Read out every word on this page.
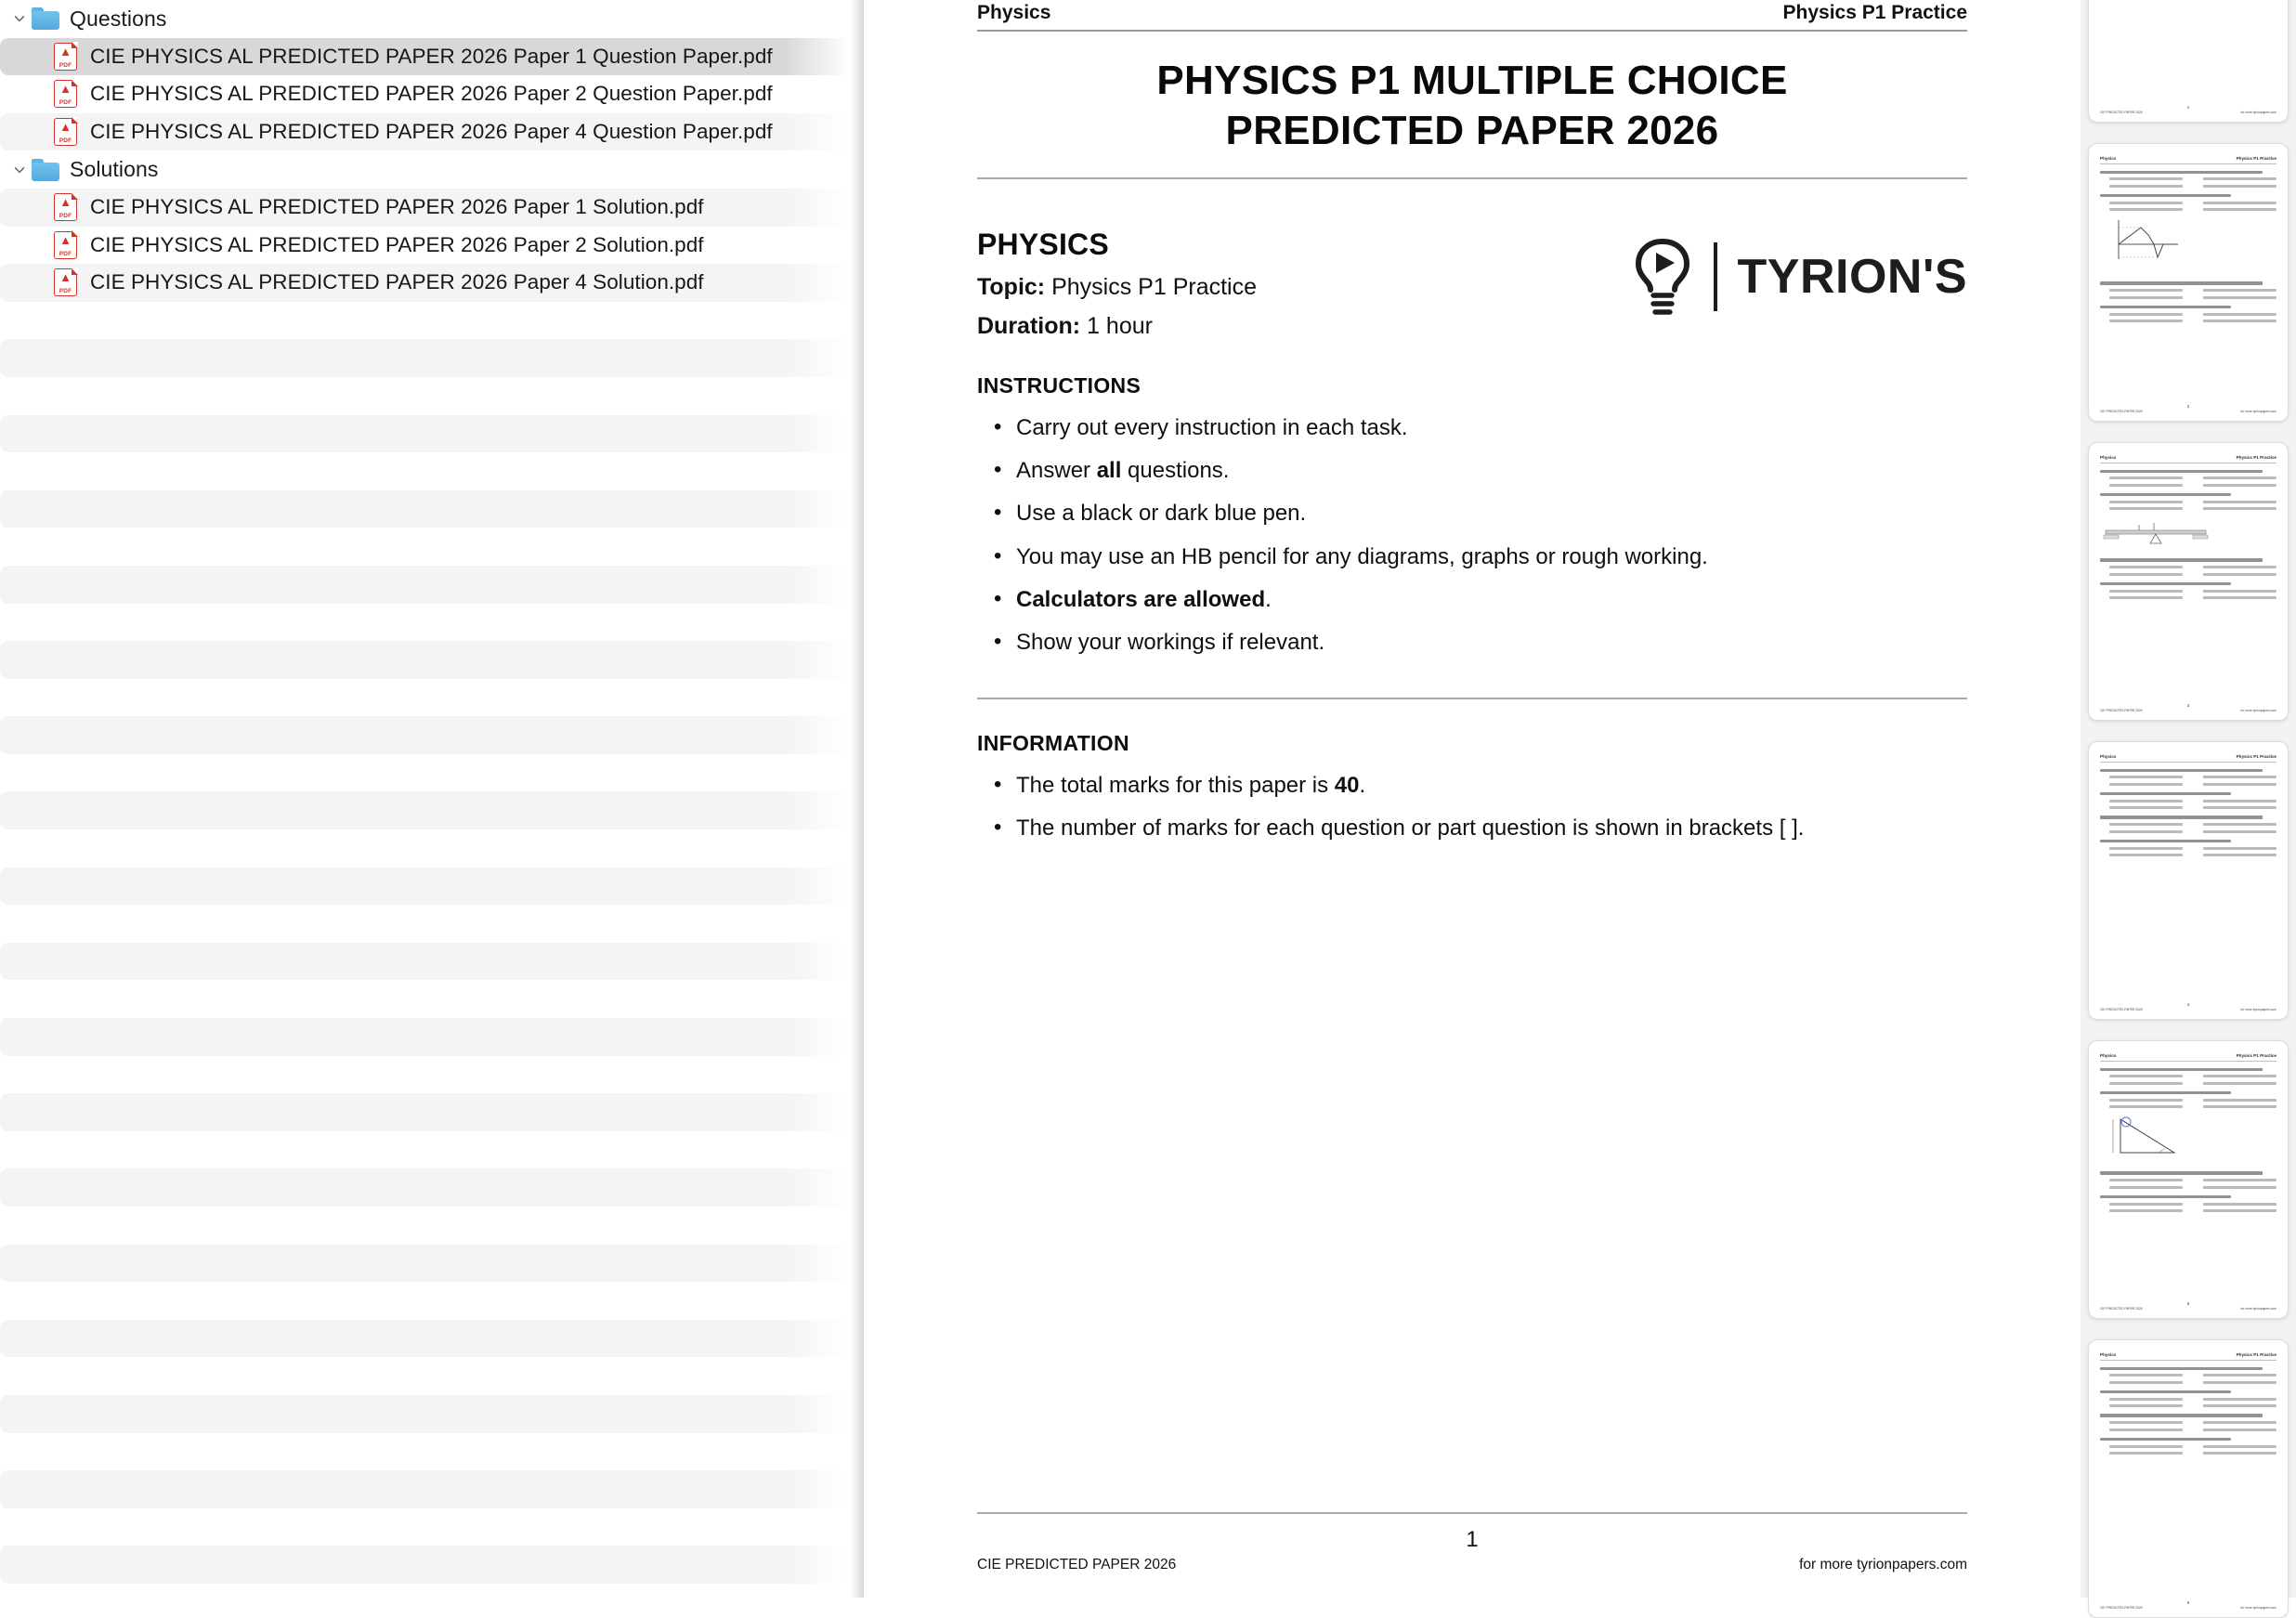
Questions
▲
PDF CIE PHYSICS AL PREDICTED PAPER 2026 Paper 1 Question Paper.pdf
▲
PDF CIE PHYSICS AL PREDICTED PAPER 2026 Paper 2 Question Paper.pdf
▲
PDF CIE PHYSICS AL PREDICTED PAPER 2026 Paper 4 Question Paper.pdf
Solutions
▲
PDF CIE PHYSICS AL PREDICTED PAPER 2026 Paper 1 Solution.pdf
▲
PDF CIE PHYSICS AL PREDICTED PAPER 2026 Paper 2 Solution.pdf
▲
PDF CIE PHYSICS AL PREDICTED PAPER 2026 Paper 4 Solution.pdf
Physics	Physics P1 Practice
PHYSICS P1 MULTIPLE CHOICE
PREDICTED PAPER 2026
PHYSICS
Topic: Physics P1 Practice
Duration: 1 hour
TYRION'S
INSTRUCTIONS
• Carry out every instruction in each task.
• Answer all questions.
• Use a black or dark blue pen.
• You may use an HB pencil for any diagrams, graphs or rough working.
• Calculators are allowed.
• Show your workings if relevant.
INFORMATION
• The total marks for this paper is 40.
• The number of marks for each question or part question is shown in brackets [ ].
1
CIE PREDICTED PAPER 2026	for more tyrionpapers.com
1
CIE PREDICTED PAPER 2026	for more tyrionpapers.com
Physics	Physics P1 Practice
2
CIE PREDICTED PAPER 2026	for more tyrionpapers.com
Physics	Physics P1 Practice
3
CIE PREDICTED PAPER 2026	for more tyrionpapers.com
Physics	Physics P1 Practice
4
CIE PREDICTED PAPER 2026	for more tyrionpapers.com
Physics	Physics P1 Practice
5
CIE PREDICTED PAPER 2026	for more tyrionpapers.com
Physics	Physics P1 Practice
6
CIE PREDICTED PAPER 2026	for more tyrionpapers.com
